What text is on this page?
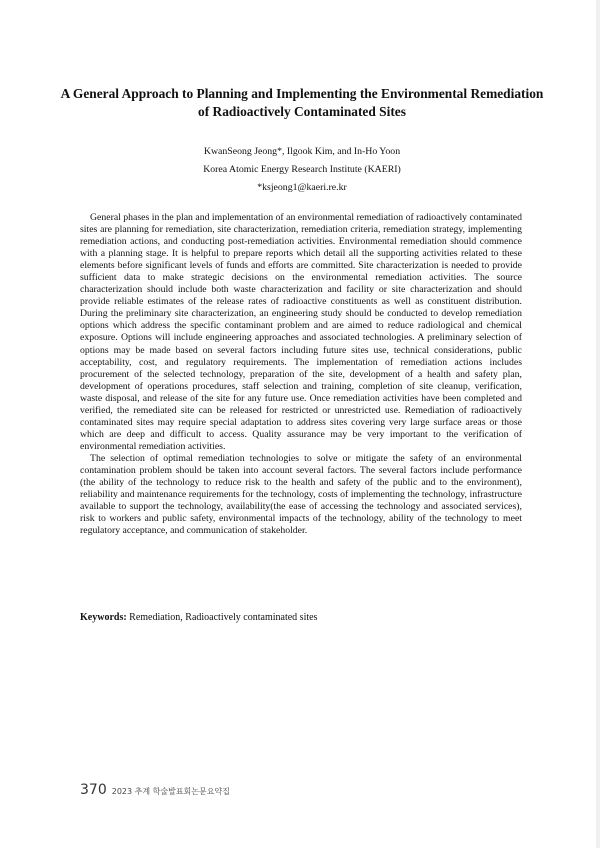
A General Approach to Planning and Implementing the Environmental Remediation of Radioactively Contaminated Sites
KwanSeong Jeong*, Ilgook Kim, and In-Ho Yoon
Korea Atomic Energy Research Institute (KAERI)
*ksjeong1@kaeri.re.kr

General phases in the plan and implementation of an environmental remediation of radioactively contaminated sites are planning for remediation, site characterization, remediation criteria, remediation strategy, implementing remediation actions, and conducting post-remediation activities. Environmental remediation should commence with a planning stage. It is helpful to prepare reports which detail all the supporting activities related to these elements before significant levels of funds and efforts are committed. Site characterization is needed to provide sufficient data to make strategic decisions on the environmental remediation activities. The source characterization should include both waste characterization and facility or site characterization and should provide reliable estimates of the release rates of radioactive constituents as well as constituent distribution. During the preliminary site characterization, an engineering study should be conducted to develop remediation options which address the specific contaminant problem and are aimed to reduce radiological and chemical exposure. Options will include engineering approaches and associated technologies. A preliminary selection of options may be made based on several factors including future sites use, technical considerations, public acceptability, cost, and regulatory requirements. The implementation of remediation actions includes procurement of the selected technology, preparation of the site, development of a health and safety plan, development of operations procedures, staff selection and training, completion of site cleanup, verification, waste disposal, and release of the site for any future use. Once remediation activities have been completed and verified, the remediated site can be released for restricted or unrestricted use. Remediation of radioactively contaminated sites may require special adaptation to address sites covering very large surface areas or those which are deep and difficult to access. Quality assurance may be very important to the verification of environmental remediation activities.

The selection of optimal remediation technologies to solve or mitigate the safety of an environmental contamination problem should be taken into account several factors. The several factors include performance (the ability of the technology to reduce risk to the health and safety of the public and to the environment), reliability and maintenance requirements for the technology, costs of implementing the technology, infrastructure available to support the technology, availability(the ease of accessing the technology and associated services), risk to workers and public safety, environmental impacts of the technology, ability of the technology to meet regulatory acceptance, and communication of stakeholder.

Keywords: Remediation, Radioactively contaminated sites
370 2023 추계 학술발표회논문요약집
